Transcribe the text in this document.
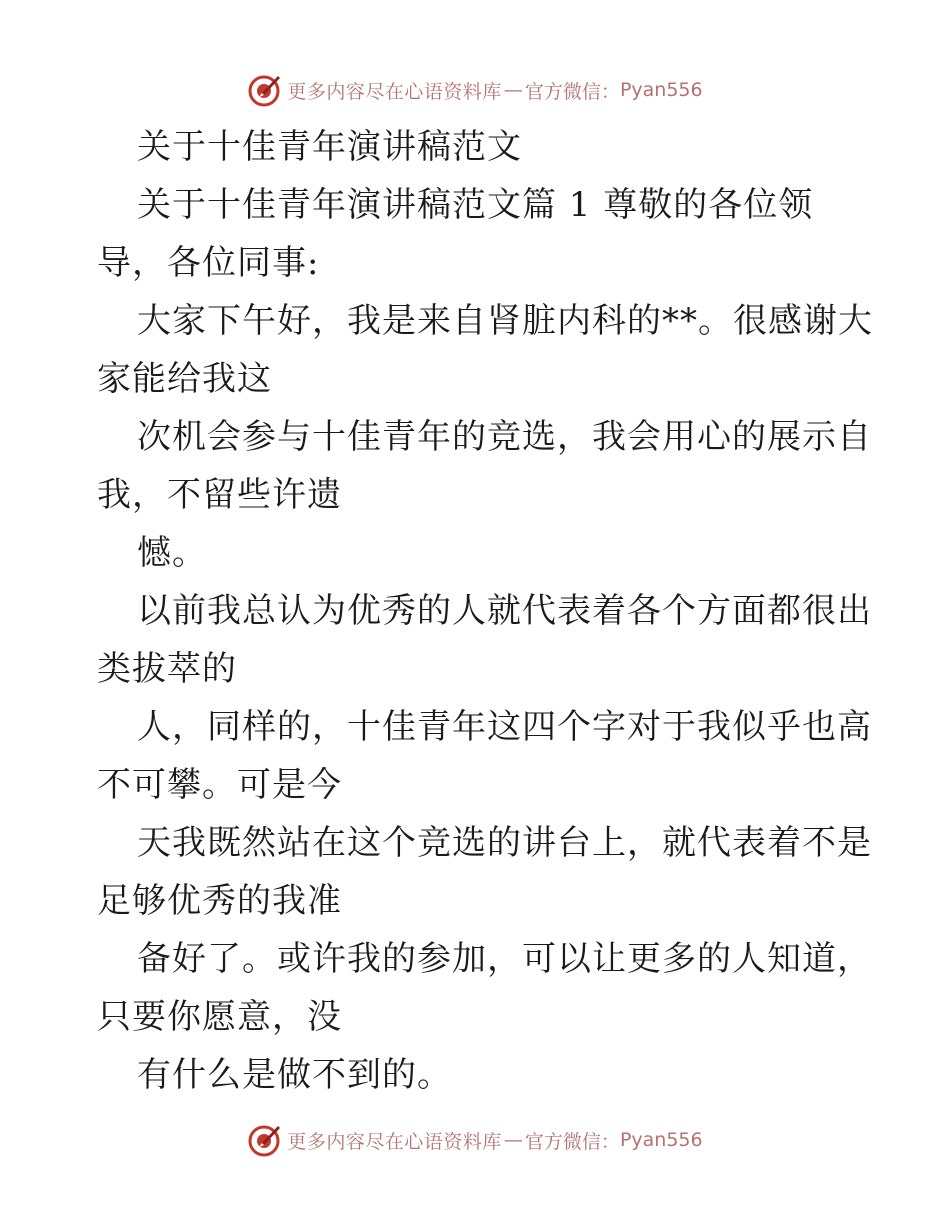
更多内容尽在心语资料库 — 官方微信： Pyan556
关于十佳青年演讲稿范文
关于十佳青年演讲稿范文篇 1 尊敬的各位领
导，各位同事:
大家下午好，我是来自肾脏内科的**。很感谢大
家能给我这
次机会参与十佳青年的竞选，我会用心的展示自
我，不留些许遗
憾。
以前我总认为优秀的人就代表着各个方面都很出
类拔萃的
人，同样的，十佳青年这四个字对于我似乎也高
不可攀。可是今
天我既然站在这个竞选的讲台上，就代表着不是
足够优秀的我准
备好了。或许我的参加，可以让更多的人知道，
只要你愿意，没
有什么是做不到的。
更多内容尽在心语资料库 — 官方微信： Pyan556
